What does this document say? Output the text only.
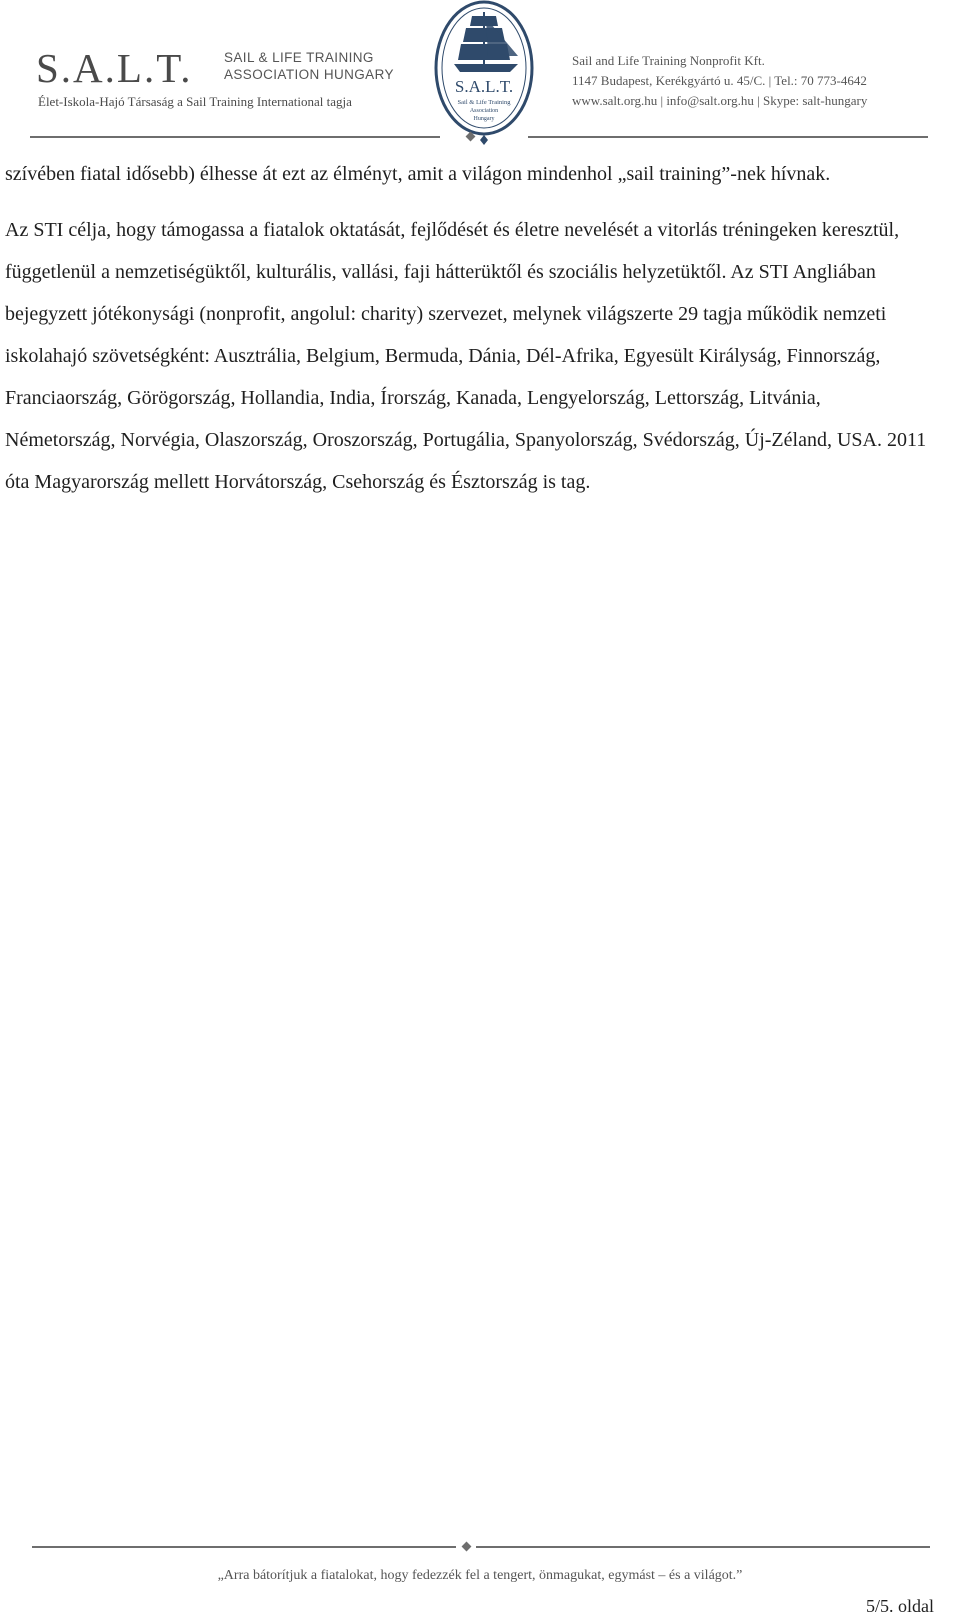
S.A.L.T. SAIL & LIFE TRAINING
ASSOCIATION HUNGARY
Élet-Iskola-Hajó Társaság a Sail Training International tagja
S.A.L.T.
Sail & Life Training
Association
Hungary
Sail and Life Training Nonprofit Kft.
1147 Budapest, Kerékgyártó u. 45/C. | Tel.: 70 773-4642
www.salt.org.hu | info@salt.org.hu | Skype: salt-hungary

szívében fiatal idősebb) élhesse át ezt az élményt, amit a világon mindenhol „sail training”-nek hívnak.

Az STI célja, hogy támogassa a fiatalok oktatását, fejlődését és életre nevelését a vitorlás tréningeken keresztül, függetlenül a nemzetiségüktől, kulturális, vallási, faji hátterüktől és szociális helyzetüktől. Az STI Angliában bejegyzett jótékonysági (nonprofit, angolul: charity) szervezet, melynek világszerte 29 tagja működik nemzeti iskolahajó szövetségként: Ausztrália, Belgium, Bermuda, Dánia, Dél-Afrika, Egyesült Királyság, Finnország, Franciaország, Görögország, Hollandia, India, Írország, Kanada, Lengyelország, Lettország, Litvánia, Németország, Norvégia, Olaszország, Oroszország, Portugália, Spanyolország, Svédország, Új-Zéland, USA. 2011 óta Magyarország mellett Horvátország, Csehország és Észtország is tag.

„Arra bátorítjuk a fiatalokat, hogy fedezzék fel a tengert, önmagukat, egymást – és a világot.”
5/5. oldal
